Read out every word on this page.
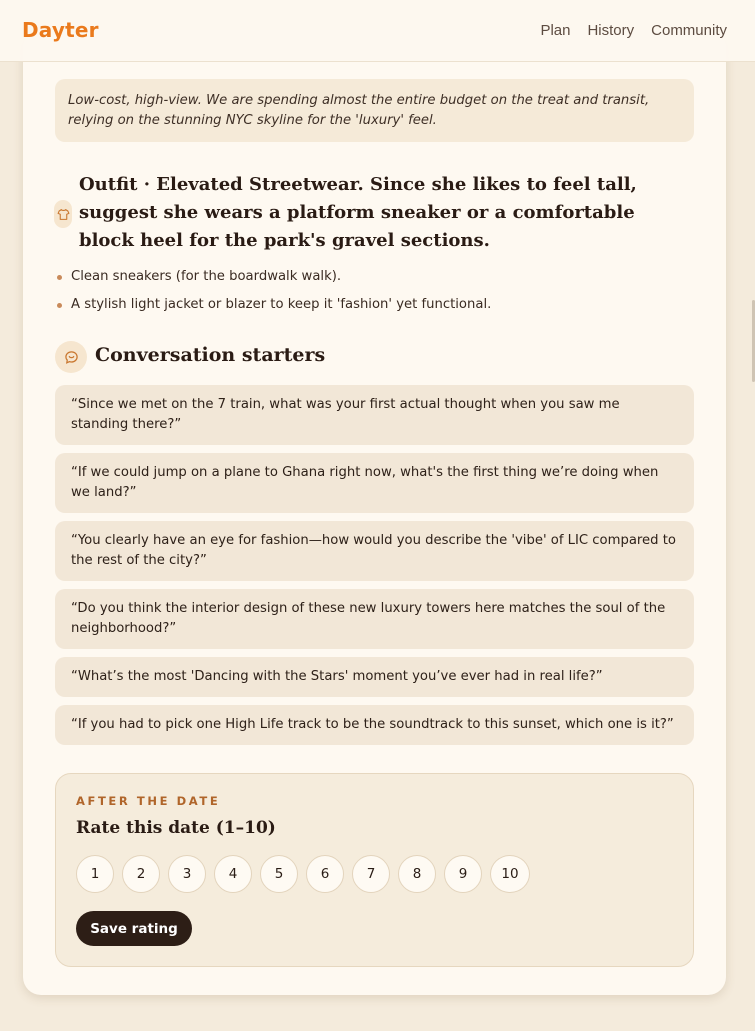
Dayter	Plan History Community
Low-cost, high-view. We are spending almost the entire budget on the treat and transit, relying on the stunning NYC skyline for the 'luxury' feel.
Outfit · Elevated Streetwear. Since she likes to feel tall, suggest she wears a platform sneaker or a comfortable block heel for the park's gravel sections.
Clean sneakers (for the boardwalk walk).
A stylish light jacket or blazer to keep it 'fashion' yet functional.
Conversation starters
“Since we met on the 7 train, what was your first actual thought when you saw me standing there?”
“If we could jump on a plane to Ghana right now, what's the first thing we’re doing when we land?”
“You clearly have an eye for fashion—how would you describe the 'vibe' of LIC compared to the rest of the city?”
“Do you think the interior design of these new luxury towers here matches the soul of the neighborhood?”
“What’s the most 'Dancing with the Stars' moment you’ve ever had in real life?”
“If you had to pick one High Life track to be the soundtrack to this sunset, which one is it?”
AFTER THE DATE
Rate this date (1–10)
1	2	3	4	5	6	7	8	9	10
Save rating
